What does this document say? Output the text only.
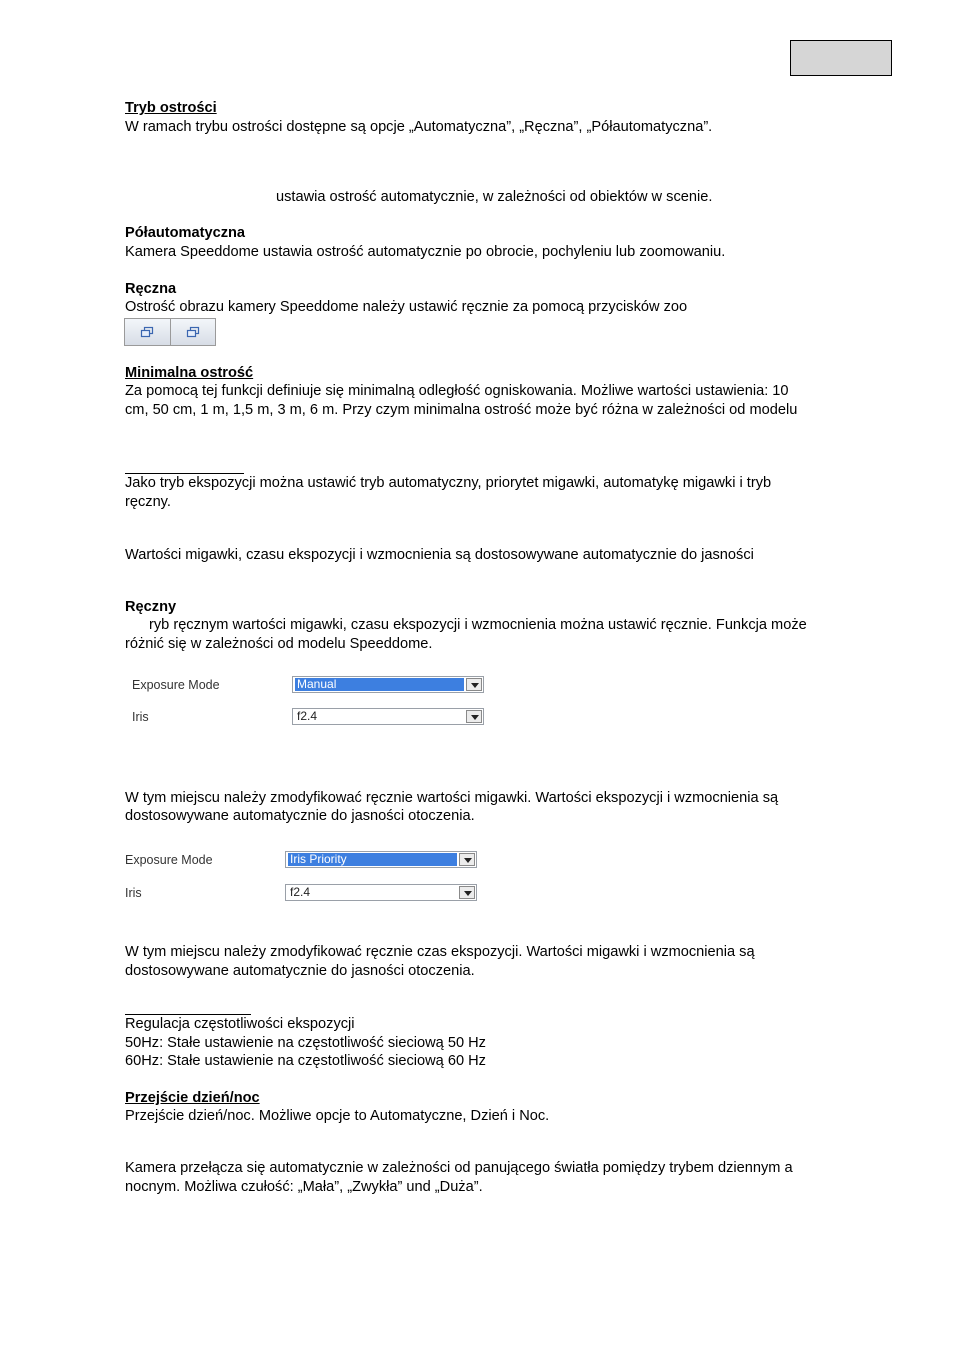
Tryb ostrości
W ramach trybu ostrości dostępne są opcje „Automatyczna”, „Ręczna”, „Półautomatyczna”.
ustawia ostrość automatycznie, w zależności od obiektów w scenie.
Półautomatyczna
Kamera Speeddome ustawia ostrość automatycznie po obrocie, pochyleniu lub zoomowaniu.
Ręczna
Ostrość obrazu kamery Speeddome należy ustawić ręcznie za pomocą przycisków zoo
Minimalna ostrość
Za pomocą tej funkcji definiuje się minimalną odległość ogniskowania. Możliwe wartości ustawienia: 10
cm, 50 cm, 1 m, 1,5 m, 3 m, 6 m. Przy czym minimalna ostrość może być różna w zależności od modelu
Jako tryb ekspozycji można ustawić tryb automatyczny, priorytet migawki, automatykę migawki i tryb
ręczny.
Wartości migawki, czasu ekspozycji i wzmocnienia są dostosowywane automatycznie do jasności
Ręczny
ryb ręcznym wartości migawki, czasu ekspozycji i wzmocnienia można ustawić ręcznie. Funkcja może
różnić się w zależności od modelu Speeddome.
Exposure Mode	Manual
Iris	f2.4
W tym miejscu należy zmodyfikować ręcznie wartości migawki. Wartości ekspozycji i wzmocnienia są
dostosowywane automatycznie do jasności otoczenia.
Exposure Mode	Iris Priority
Iris	f2.4
W tym miejscu należy zmodyfikować ręcznie czas ekspozycji. Wartości migawki i wzmocnienia są
dostosowywane automatycznie do jasności otoczenia.
Regulacja częstotliwości ekspozycji
50Hz: Stałe ustawienie na częstotliwość sieciową 50 Hz
60Hz: Stałe ustawienie na częstotliwość sieciową 60 Hz
Przejście dzień/noc
Przejście dzień/noc. Możliwe opcje to Automatyczne, Dzień i Noc.
Kamera przełącza się automatycznie w zależności od panującego światła pomiędzy trybem dziennym a
nocnym. Możliwa czułość: „Mała”, „Zwykła” und „Duża”.
